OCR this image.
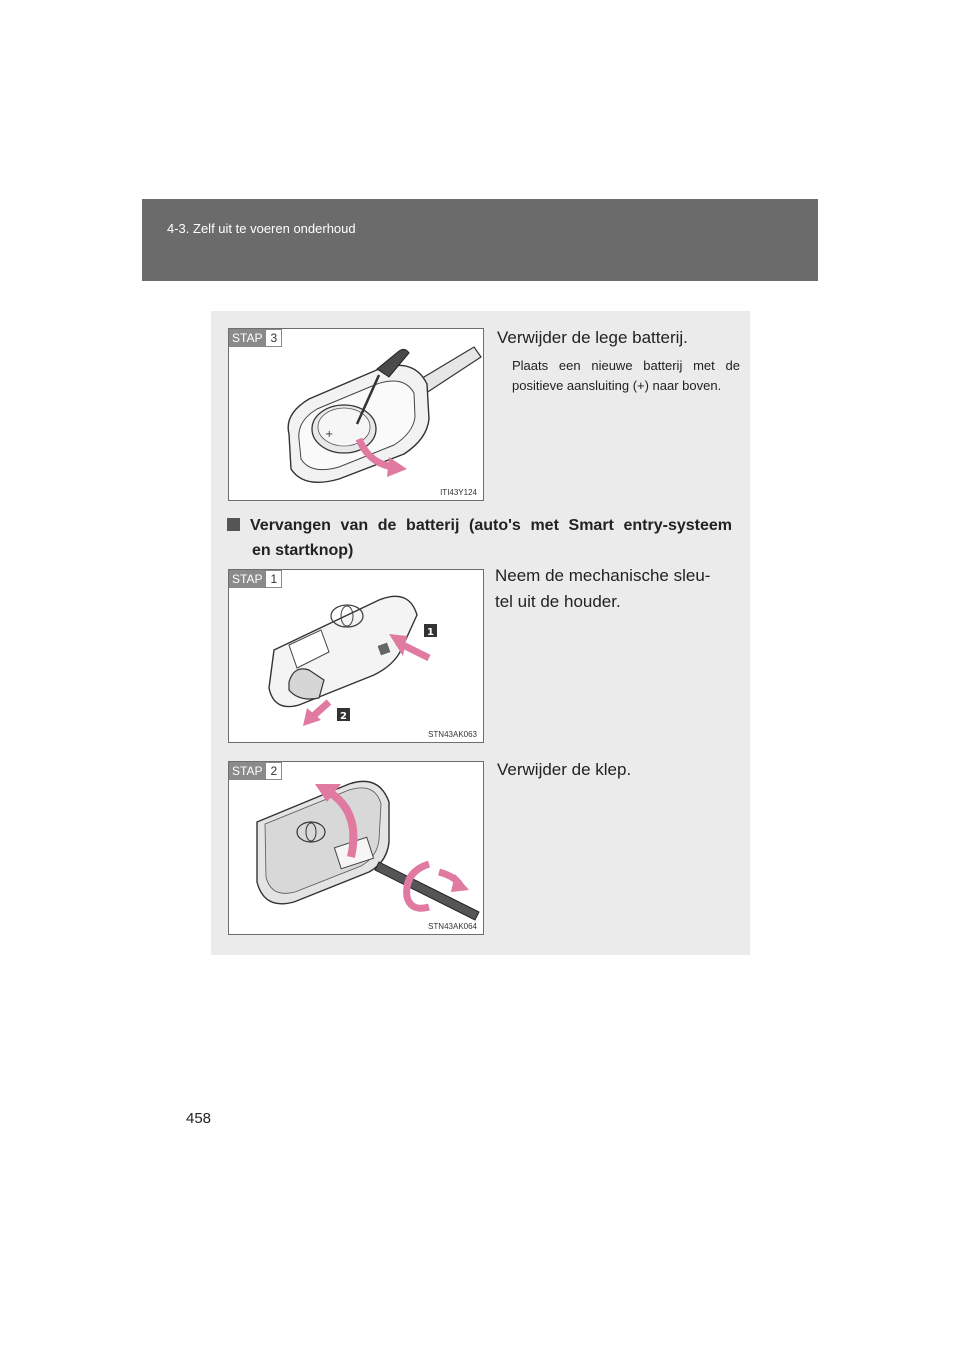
4-3. Zelf uit te voeren onderhoud
+
STAP 3
ITI43Y124
Verwijder de lege batterij.
Plaats een nieuwe batterij met de positieve aansluiting (+) naar boven.
Vervangen van de batterij (auto's met Smart entry-systeem
en startknop)
1
2
STAP 1
STN43AK063
Neem de mechanische sleu-
tel uit de houder.
STAP 2
STN43AK064
Verwijder de klep.
458
